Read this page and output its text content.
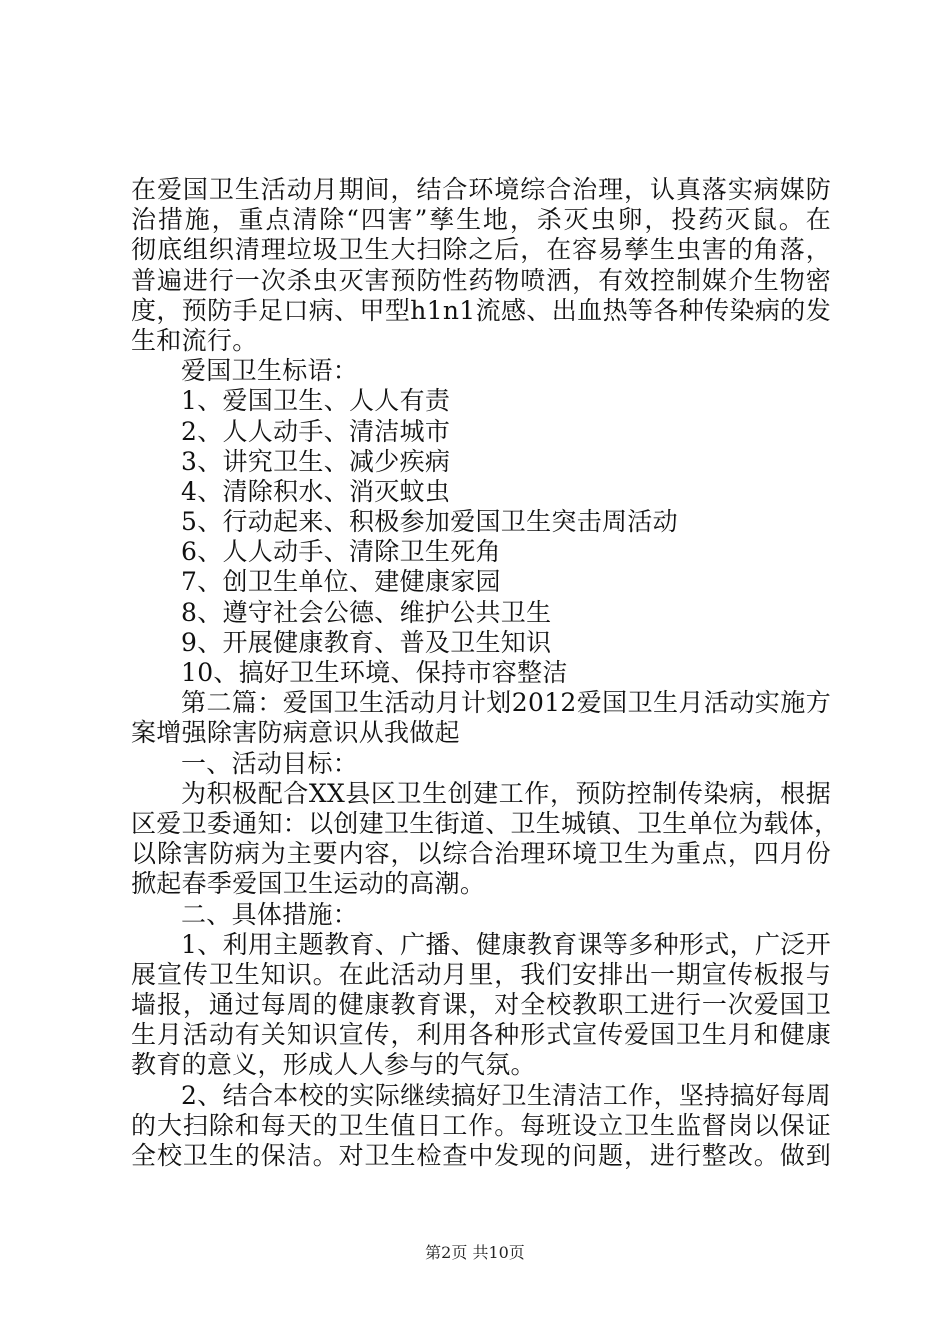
在爱国卫生活动月期间，结合环境综合治理，认真落实病媒防
治措施，重点清除“四害”孳生地，杀灭虫卵，投药灭鼠。在
彻底组织清理垃圾卫生大扫除之后，在容易孳生虫害的角落，
普遍进行一次杀虫灭害预防性药物喷洒，有效控制媒介生物密
度，预防手足口病、甲型h1n1流感、出血热等各种传染病的发
生和流行。
爱国卫生标语：
1、爱国卫生、人人有责
2、人人动手、清洁城市
3、讲究卫生、减少疾病
4、清除积水、消灭蚊虫
5、行动起来、积极参加爱国卫生突击周活动
6、人人动手、清除卫生死角
7、创卫生单位、建健康家园
8、遵守社会公德、维护公共卫生
9、开展健康教育、普及卫生知识
10、搞好卫生环境、保持市容整洁
第二篇：爱国卫生活动月计划2012爱国卫生月活动实施方
案增强除害防病意识从我做起
一、活动目标：
为积极配合XX县区卫生创建工作，预防控制传染病，根据
区爱卫委通知：以创建卫生街道、卫生城镇、卫生单位为载体，
以除害防病为主要内容，以综合治理环境卫生为重点，四月份
掀起春季爱国卫生运动的高潮。
二、具体措施：
1、利用主题教育、广播、健康教育课等多种形式，广泛开
展宣传卫生知识。在此活动月里，我们安排出一期宣传板报与
墙报，通过每周的健康教育课，对全校教职工进行一次爱国卫
生月活动有关知识宣传，利用各种形式宣传爱国卫生月和健康
教育的意义，形成人人参与的气氛。
2、结合本校的实际继续搞好卫生清洁工作，坚持搞好每周
的大扫除和每天的卫生值日工作。每班设立卫生监督岗以保证
全校卫生的保洁。对卫生检查中发现的问题，进行整改。做到
第2页 共10页
